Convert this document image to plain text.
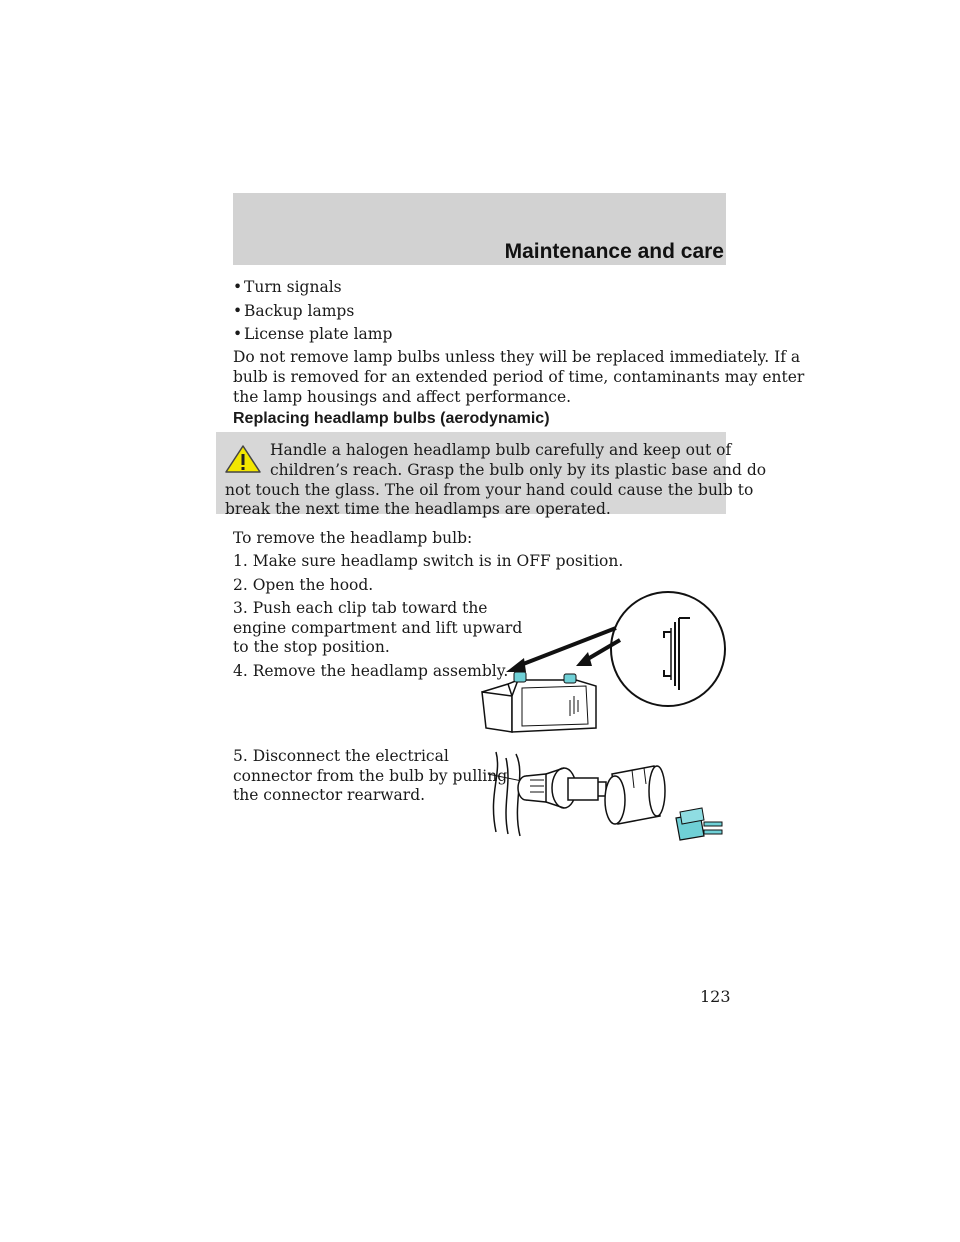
Maintenance and care
• Turn signals
• Backup lamps
• License plate lamp
Do not remove lamp bulbs unless they will be replaced immediately. If a
bulb is removed for an extended period of time, contaminants may enter
the lamp housings and affect performance.
Replacing headlamp bulbs (aerodynamic)
Handle a halogen headlamp bulb carefully and keep out of
children’s reach. Grasp the bulb only by its plastic base and do
not touch the glass. The oil from your hand could cause the bulb to
break the next time the headlamps are operated.
To remove the headlamp bulb:
1. Make sure headlamp switch is in OFF position.
2. Open the hood.
3. Push each clip tab toward the
engine compartment and lift upward
to the stop position.
4. Remove the headlamp assembly.
5. Disconnect the electrical
connector from the bulb by pulling
the connector rearward.
123
